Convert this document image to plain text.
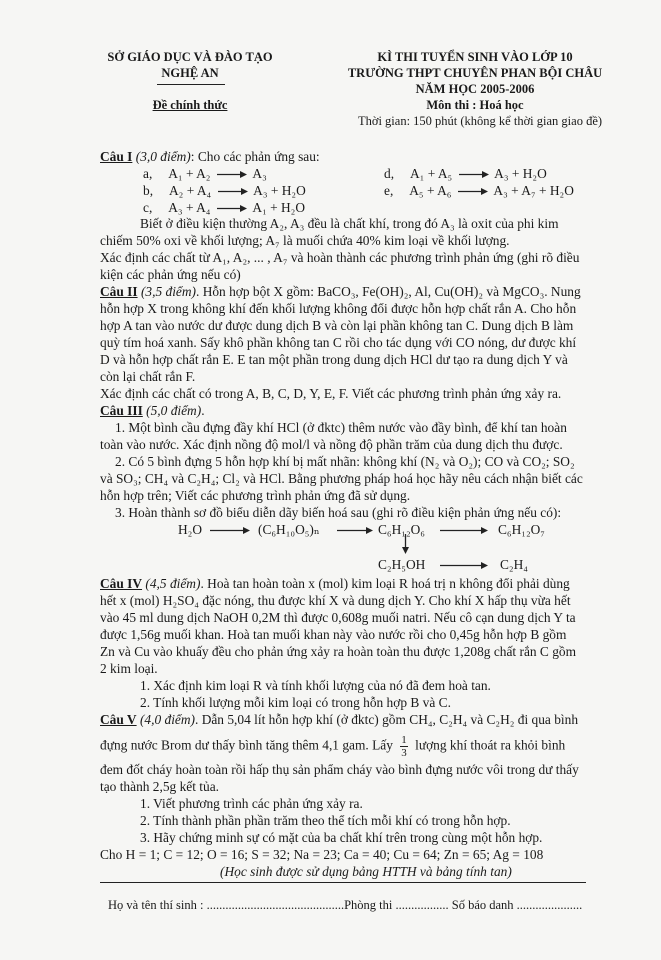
SỞ GIÁO DỤC VÀ ĐÀO TẠO
NGHỆ AN
Đề chính thức
KÌ THI TUYỂN SINH VÀO LỚP 10
TRƯỜNG THPT CHUYÊN PHAN BỘI CHÂU
NĂM HỌC 2005-2006
Môn thi : Hoá học
Thời gian: 150 phút (không kể thời gian giao đề)
Câu I (3,0 điểm): Cho các phản ứng sau:
a, A₁ + A₂	A₃
b, A₂ + A₄	A₃ + H₂O
c, A₃ + A₄	A₁ + H₂O
d, A₁ + A₅	A₃ + H₂O
e, A₅ + A₆	A₃ + A₇ + H₂O
Biết ở điều kiện thường A₂, A₃ đều là chất khí, trong đó A₃ là oxit của phi kim
chiếm 50% oxi về khối lượng; A₇ là muối chứa 40% kim loại về khối lượng.
Xác định các chất từ A₁, A₂, ... , A₇ và hoàn thành các phương trình phản ứng (ghi rõ điều
kiện các phản ứng nếu có)
Câu II (3,5 điểm). Hỗn hợp bột X gồm: BaCO₃, Fe(OH)₂, Al, Cu(OH)₂ và MgCO₃. Nung
hỗn hợp X trong không khí đến khối lượng không đổi được hỗn hợp chất rắn A. Cho hỗn
hợp A tan vào nước dư được dung dịch B và còn lại phần không tan C. Dung dịch B làm
quỳ tím hoá xanh. Sấy khô phần không tan C rồi cho tác dụng với CO nóng, dư được khí
D và hỗn hợp chất rắn E. E tan một phần trong dung dịch HCl dư tạo ra dung dịch Y và
còn lại chất rắn F.
Xác định các chất có trong A, B, C, D, Y, E, F. Viết các phương trình phản ứng xảy ra.
Câu III (5,0 điểm).
1. Một bình cầu đựng đầy khí HCl (ở đktc) thêm nước vào đầy bình, để khí tan hoàn
toàn vào nước. Xác định nồng độ mol/l và nồng độ phần trăm của dung dịch thu được.
2. Có 5 bình đựng 5 hỗn hợp khí bị mất nhãn: không khí (N₂ và O₂); CO và CO₂; SO₂
và SO₃; CH₄ và C₂H₄; Cl₂ và HCl. Bằng phương pháp hoá học hãy nêu cách nhận biết các
hỗn hợp trên; Viết các phương trình phản ứng đã sử dụng.
3. Hoàn thành sơ đồ biểu diễn dãy biến hoá sau (ghi rõ điều kiện phản ứng nếu có):
H₂O	(C₆H₁₀O₅)ₙ	C₆H₁₂O₆	C₆H₁₂O₇
C₂H₅OH	C₂H₄
Câu IV (4,5 điểm). Hoà tan hoàn toàn x (mol) kim loại R hoá trị n không đổi phải dùng
hết x (mol) H₂SO₄ đặc nóng, thu được khí X và dung dịch Y. Cho khí X hấp thụ vừa hết
vào 45 ml dung dịch NaOH 0,2M thì được 0,608g muối natri. Nếu cô cạn dung dịch Y ta
được 1,56g muối khan. Hoà tan muối khan này vào nước rồi cho 0,45g hỗn hợp B gồm
Zn và Cu vào khuấy đều cho phản ứng xảy ra hoàn toàn thu được 1,208g chất rắn C gồm
2 kim loại.
1. Xác định kim loại R và tính khối lượng của nó đã đem hoà tan.
2. Tính khối lượng mỗi kim loại có trong hỗn hợp B và C.
Câu V (4,0 điểm). Dẫn 5,04 lít hỗn hợp khí (ở đktc) gồm CH₄, C₂H₄ và C₂H₂ đi qua bình
đựng nước Brom dư thấy bình tăng thêm 4,1 gam. Lấy $\frac{1}{3}$ lượng khí thoát ra khỏi bình
đem đốt cháy hoàn toàn rồi hấp thụ sản phẩm cháy vào bình đựng nước vôi trong dư thấy
tạo thành 2,5g kết tủa.
1. Viết phương trình các phản ứng xảy ra.
2. Tính thành phần phần trăm theo thể tích mỗi khí có trong hỗn hợp.
3. Hãy chứng minh sự có mặt của ba chất khí trên trong cùng một hỗn hợp.
Cho H = 1; C = 12; O = 16; S = 32; Na = 23; Ca = 40; Cu = 64; Zn = 65; Ag = 108
(Học sinh được sử dụng bảng HTTH và bảng tính tan)
Họ và tên thí sinh : ............................................Phòng thi ................. Số báo danh .....................
